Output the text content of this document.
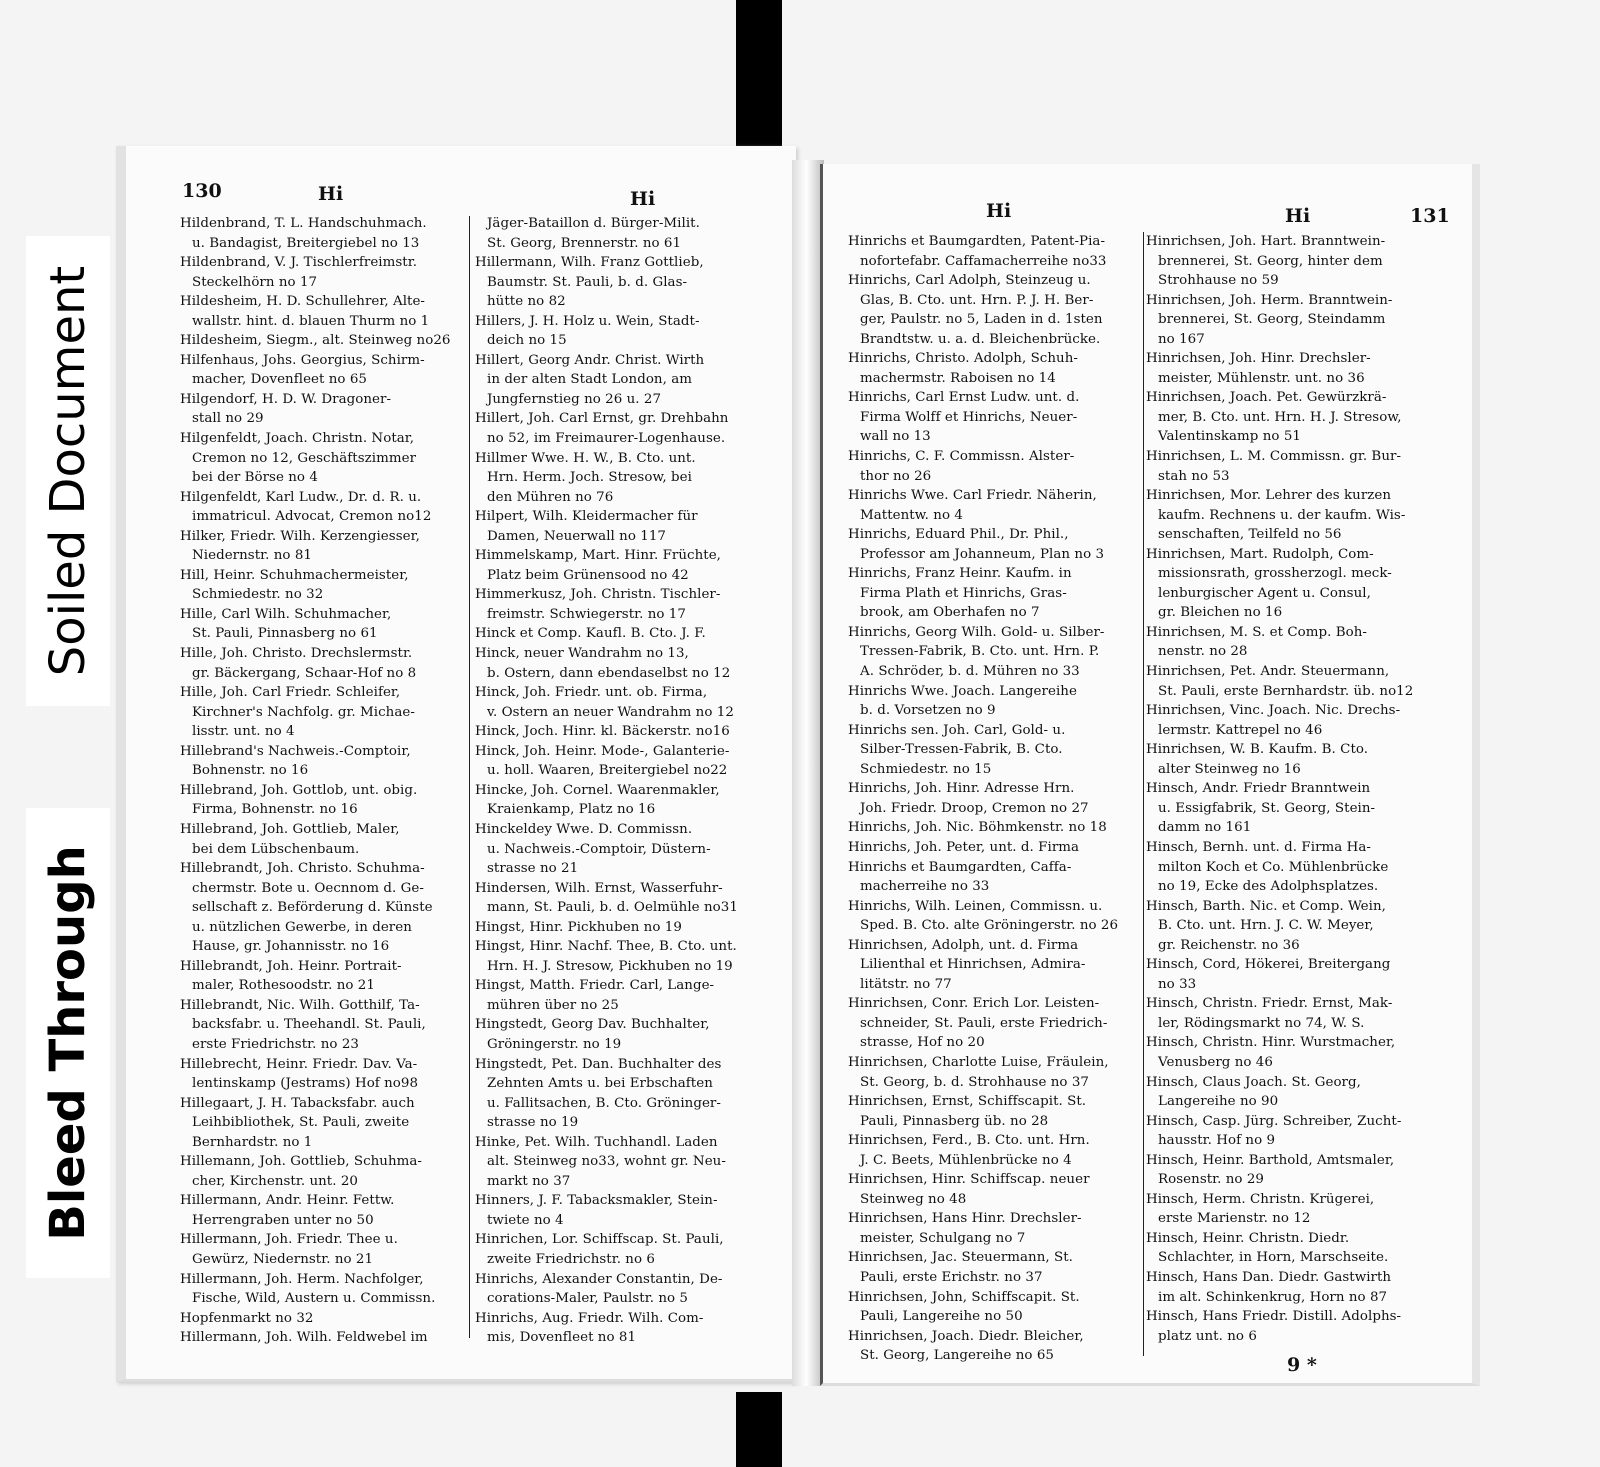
Soiled Document
Bleed Through
130	Hi	Hi

Hildenbrand, T. L. Handschuhmach.

u. Bandagist, Breitergiebel no 13

Hildenbrand, V. J. Tischlerfreimstr.

Steckelhörn no 17

Hildesheim, H. D. Schullehrer, Alte-

wallstr. hint. d. blauen Thurm no 1

Hildesheim, Siegm., alt. Steinweg no26

Hilfenhaus, Johs. Georgius, Schirm-

macher, Dovenfleet no 65

Hilgendorf, H. D. W. Dragoner-

stall no 29

Hilgenfeldt, Joach. Christn. Notar,

Cremon no 12, Geschäftszimmer

bei der Börse no 4

Hilgenfeldt, Karl Ludw., Dr. d. R. u.

immatricul. Advocat, Cremon no12

Hilker, Friedr. Wilh. Kerzengiesser,

Niedernstr. no 81

Hill, Heinr. Schuhmachermeister,

Schmiedestr. no 32

Hille, Carl Wilh. Schuhmacher,

St. Pauli, Pinnasberg no 61

Hille, Joh. Christo. Drechslermstr.

gr. Bäckergang, Schaar-Hof no 8

Hille, Joh. Carl Friedr. Schleifer,

Kirchner's Nachfolg. gr. Michae-

lisstr. unt. no 4

Hillebrand's Nachweis.-Comptoir,

Bohnenstr. no 16

Hillebrand, Joh. Gottlob, unt. obig.

Firma, Bohnenstr. no 16

Hillebrand, Joh. Gottlieb, Maler,

bei dem Lübschenbaum.

Hillebrandt, Joh. Christo. Schuhma-

chermstr. Bote u. Oecnnom d. Ge-

sellschaft z. Beförderung d. Künste

u. nützlichen Gewerbe, in deren

Hause, gr. Johannisstr. no 16

Hillebrandt, Joh. Heinr. Portrait-

maler, Rothesoodstr. no 21

Hillebrandt, Nic. Wilh. Gotthilf, Ta-

backsfabr. u. Theehandl. St. Pauli,

erste Friedrichstr. no 23

Hillebrecht, Heinr. Friedr. Dav. Va-

lentinskamp (Jestrams) Hof no98

Hillegaart, J. H. Tabacksfabr. auch

Leihbibliothek, St. Pauli, zweite

Bernhardstr. no 1

Hillemann, Joh. Gottlieb, Schuhma-

cher, Kirchenstr. unt. 20

Hillermann, Andr. Heinr. Fettw.

Herrengraben unter no 50

Hillermann, Joh. Friedr. Thee u.

Gewürz, Niedernstr. no 21

Hillermann, Joh. Herm. Nachfolger,

Fische, Wild, Austern u. Commissn.

Hopfenmarkt no 32

Hillermann, Joh. Wilh. Feldwebel im

Jäger-Bataillon d. Bürger-Milit.

St. Georg, Brennerstr. no 61

Hillermann, Wilh. Franz Gottlieb,

Baumstr. St. Pauli, b. d. Glas-

hütte no 82

Hillers, J. H. Holz u. Wein, Stadt-

deich no 15

Hillert, Georg Andr. Christ. Wirth

in der alten Stadt London, am

Jungfernstieg no 26 u. 27

Hillert, Joh. Carl Ernst, gr. Drehbahn

no 52, im Freimaurer-Logenhause.

Hillmer Wwe. H. W., B. Cto. unt.

Hrn. Herm. Joch. Stresow, bei

den Mühren no 76

Hilpert, Wilh. Kleidermacher für

Damen, Neuerwall no 117

Himmelskamp, Mart. Hinr. Früchte,

Platz beim Grünensood no 42

Himmerkusz, Joh. Christn. Tischler-

freimstr. Schwiegerstr. no 17

Hinck et Comp. Kaufl. B. Cto. J. F.

Hinck, neuer Wandrahm no 13,

b. Ostern, dann ebendaselbst no 12

Hinck, Joh. Friedr. unt. ob. Firma,

v. Ostern an neuer Wandrahm no 12

Hinck, Joch. Hinr. kl. Bäckerstr. no16

Hinck, Joh. Heinr. Mode-, Galanterie-

u. holl. Waaren, Breitergiebel no22

Hincke, Joh. Cornel. Waarenmakler,

Kraienkamp, Platz no 16

Hinckeldey Wwe. D. Commissn.

u. Nachweis.-Comptoir, Düstern-

strasse no 21

Hindersen, Wilh. Ernst, Wasserfuhr-

mann, St. Pauli, b. d. Oelmühle no31

Hingst, Hinr. Pickhuben no 19

Hingst, Hinr. Nachf. Thee, B. Cto. unt.

Hrn. H. J. Stresow, Pickhuben no 19

Hingst, Matth. Friedr. Carl, Lange-

mühren über no 25

Hingstedt, Georg Dav. Buchhalter,

Gröningerstr. no 19

Hingstedt, Pet. Dan. Buchhalter des

Zehnten Amts u. bei Erbschaften

u. Fallitsachen, B. Cto. Gröninger-

strasse no 19

Hinke, Pet. Wilh. Tuchhandl. Laden

alt. Steinweg no33, wohnt gr. Neu-

markt no 37

Hinners, J. F. Tabacksmakler, Stein-

twiete no 4

Hinrichen, Lor. Schiffscap. St. Pauli,

zweite Friedrichstr. no 6

Hinrichs, Alexander Constantin, De-

corations-Maler, Paulstr. no 5

Hinrichs, Aug. Friedr. Wilh. Com-

mis, Dovenfleet no 81

Hi	Hi	131

Hinrichs et Baumgardten, Patent-Pia-

nofortefabr. Caffamacherreihe no33

Hinrichs, Carl Adolph, Steinzeug u.

Glas, B. Cto. unt. Hrn. P. J. H. Ber-

ger, Paulstr. no 5, Laden in d. 1sten

Brandtstw. u. a. d. Bleichenbrücke.

Hinrichs, Christo. Adolph, Schuh-

machermstr. Raboisen no 14

Hinrichs, Carl Ernst Ludw. unt. d.

Firma Wolff et Hinrichs, Neuer-

wall no 13

Hinrichs, C. F. Commissn. Alster-

thor no 26

Hinrichs Wwe. Carl Friedr. Näherin,

Mattentw. no 4

Hinrichs, Eduard Phil., Dr. Phil.,

Professor am Johanneum, Plan no 3

Hinrichs, Franz Heinr. Kaufm. in

Firma Plath et Hinrichs, Gras-

brook, am Oberhafen no 7

Hinrichs, Georg Wilh. Gold- u. Silber-

Tressen-Fabrik, B. Cto. unt. Hrn. P.

A. Schröder, b. d. Mühren no 33

Hinrichs Wwe. Joach. Langereihe

b. d. Vorsetzen no 9

Hinrichs sen. Joh. Carl, Gold- u.

Silber-Tressen-Fabrik, B. Cto.

Schmiedestr. no 15

Hinrichs, Joh. Hinr. Adresse Hrn.

Joh. Friedr. Droop, Cremon no 27

Hinrichs, Joh. Nic. Böhmkenstr. no 18

Hinrichs, Joh. Peter, unt. d. Firma

Hinrichs et Baumgardten, Caffa-

macherreihe no 33

Hinrichs, Wilh. Leinen, Commissn. u.

Sped. B. Cto. alte Gröningerstr. no 26

Hinrichsen, Adolph, unt. d. Firma

Lilienthal et Hinrichsen, Admira-

litätstr. no 77

Hinrichsen, Conr. Erich Lor. Leisten-

schneider, St. Pauli, erste Friedrich-

strasse, Hof no 20

Hinrichsen, Charlotte Luise, Fräulein,

St. Georg, b. d. Strohhause no 37

Hinrichsen, Ernst, Schiffscapit. St.

Pauli, Pinnasberg üb. no 28

Hinrichsen, Ferd., B. Cto. unt. Hrn.

J. C. Beets, Mühlenbrücke no 4

Hinrichsen, Hinr. Schiffscap. neuer

Steinweg no 48

Hinrichsen, Hans Hinr. Drechsler-

meister, Schulgang no 7

Hinrichsen, Jac. Steuermann, St.

Pauli, erste Erichstr. no 37

Hinrichsen, John, Schiffscapit. St.

Pauli, Langereihe no 50

Hinrichsen, Joach. Diedr. Bleicher,

St. Georg, Langereihe no 65

Hinrichsen, Joh. Hart. Branntwein-

brennerei, St. Georg, hinter dem

Strohhause no 59

Hinrichsen, Joh. Herm. Branntwein-

brennerei, St. Georg, Steindamm

no 167

Hinrichsen, Joh. Hinr. Drechsler-

meister, Mühlenstr. unt. no 36

Hinrichsen, Joach. Pet. Gewürzkrä-

mer, B. Cto. unt. Hrn. H. J. Stresow,

Valentinskamp no 51

Hinrichsen, L. M. Commissn. gr. Bur-

stah no 53

Hinrichsen, Mor. Lehrer des kurzen

kaufm. Rechnens u. der kaufm. Wis-

senschaften, Teilfeld no 56

Hinrichsen, Mart. Rudolph, Com-

missionsrath, grossherzogl. meck-

lenburgischer Agent u. Consul,

gr. Bleichen no 16

Hinrichsen, M. S. et Comp. Boh-

nenstr. no 28

Hinrichsen, Pet. Andr. Steuermann,

St. Pauli, erste Bernhardstr. üb. no12

Hinrichsen, Vinc. Joach. Nic. Drechs-

lermstr. Kattrepel no 46

Hinrichsen, W. B. Kaufm. B. Cto.

alter Steinweg no 16

Hinsch, Andr. Friedr Branntwein

u. Essigfabrik, St. Georg, Stein-

damm no 161

Hinsch, Bernh. unt. d. Firma Ha-

milton Koch et Co. Mühlenbrücke

no 19, Ecke des Adolphsplatzes.

Hinsch, Barth. Nic. et Comp. Wein,

B. Cto. unt. Hrn. J. C. W. Meyer,

gr. Reichenstr. no 36

Hinsch, Cord, Hökerei, Breitergang

no 33

Hinsch, Christn. Friedr. Ernst, Mak-

ler, Rödingsmarkt no 74, W. S.

Hinsch, Christn. Hinr. Wurstmacher,

Venusberg no 46

Hinsch, Claus Joach. St. Georg,

Langereihe no 90

Hinsch, Casp. Jürg. Schreiber, Zucht-

hausstr. Hof no 9

Hinsch, Heinr. Barthold, Amtsmaler,

Rosenstr. no 29

Hinsch, Herm. Christn. Krügerei,

erste Marienstr. no 12

Hinsch, Heinr. Christn. Diedr.

Schlachter, in Horn, Marschseite.

Hinsch, Hans Dan. Diedr. Gastwirth

im alt. Schinkenkrug, Horn no 87

Hinsch, Hans Friedr. Distill. Adolphs-

platz unt. no 6

9 *
